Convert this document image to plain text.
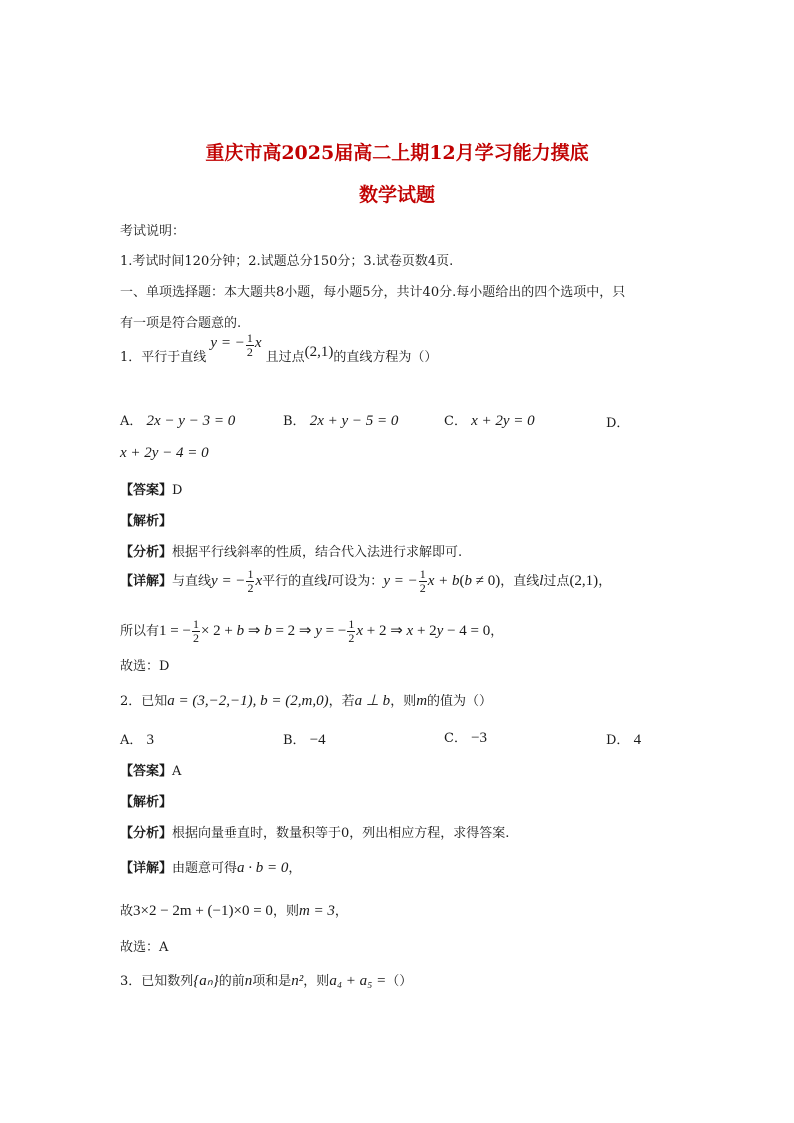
重庆市高2025届高二上期12月学习能力摸底
数学试题
考试说明：
1.考试时间120分钟；2.试题总分150分；3.试卷页数4页.
一、单项选择题：本大题共8小题，每小题5分，共计40分.每小题给出的四个选项中，只
有一项是符合题意的.
1．平行于直线 y = − $\frac{1}{2}$ x 且过点(2,1)的直线方程为（）
A． 2x − y − 3 = 0	B． 2x + y − 5 = 0	C． x + 2y = 0	D．
x + 2y − 4 = 0
【答案】D
【解析】
【分析】根据平行线斜率的性质，结合代入法进行求解即可.
【详解】与直线y = − $\frac{1}{2}$ x平行的直线l可设为：y = − $\frac{1}{2}$ x + b(b ≠ 0)，直线l过点(2,1)，
所以有1 = − $\frac{1}{2} \times 2 + b$ ⇒ b = 2 ⇒ y = − $\frac{1}{2}$ x + 2 ⇒ x + 2y − 4 = 0，
故选：D
2．已知a = (3,−2,−1), b = (2,m,0)，若a ⊥ b，则m的值为（）
A． 3	B． −4	C． −3	D． 4
【答案】A
【解析】
【分析】根据向量垂直时，数量积等于0，列出相应方程，求得答案.
【详解】由题意可得a · b = 0，
故3×2 − 2m + (−1)×0 = 0，则m = 3，
故选：A
3．已知数列{aₙ}的前n项和是n²，则a₄ + a₅ =（）
